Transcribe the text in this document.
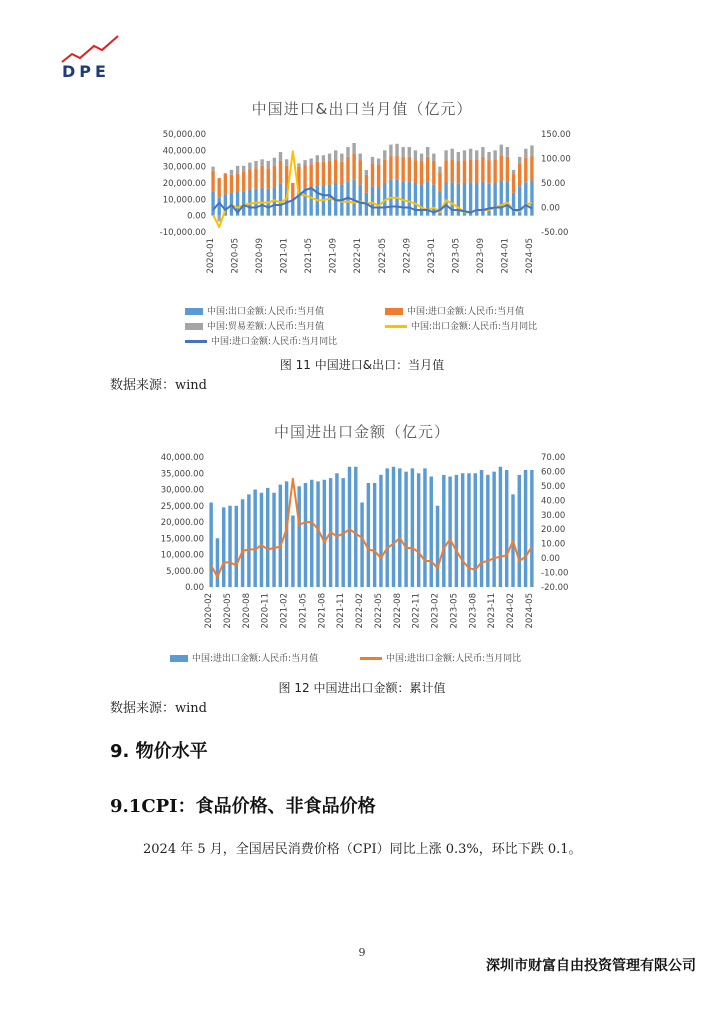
DPE
中国进口&出口当月值（亿元）
50,000.00
40,000.00
30,000.00
20,000.00
10,000.00
0.00
-10,000.00
150.00
100.00
50.00
0.00
-50.00
2020-01 2020-05 2020-09 2021-01 2021-05 2021-09 2022-01 2022-05 2022-09 2023-01 2023-05 2023-09 2024-01 2024-05
中国:出口金额:人民币:当月值	中国:进口金额:人民币:当月值
中国:贸易差额:人民币:当月值	中国:出口金额:人民币:当月同比
中国:进口金额:人民币:当月同比
图 11 中国进口&出口：当月值
数据来源：wind
中国进出口金额（亿元）
40,000.00
35,000.00
30,000.00
25,000.00
20,000.00
15,000.00
10,000.00
5,000.00
0.00
70.00
60.00
50.00
40.00
30.00
20.00
10.00
0.00
-10.00
-20.00
2020-02 2020-05 2020-08 2020-11 2021-02 2021-05 2021-08 2021-11 2022-02 2022-05 2022-08 2022-11 2023-02 2023-05 2023-08 2023-11 2024-02 2024-05
中国:进出口金额:人民币:当月值	中国:进出口金额:人民币:当月同比
图 12 中国进出口金额：累计值
数据来源：wind
9. 物价水平
9.1CPI：食品价格、非食品价格
2024 年 5 月，全国居民消费价格（CPI）同比上涨 0.3%，环比下跌 0.1。
9
深圳市财富自由投资管理有限公司
